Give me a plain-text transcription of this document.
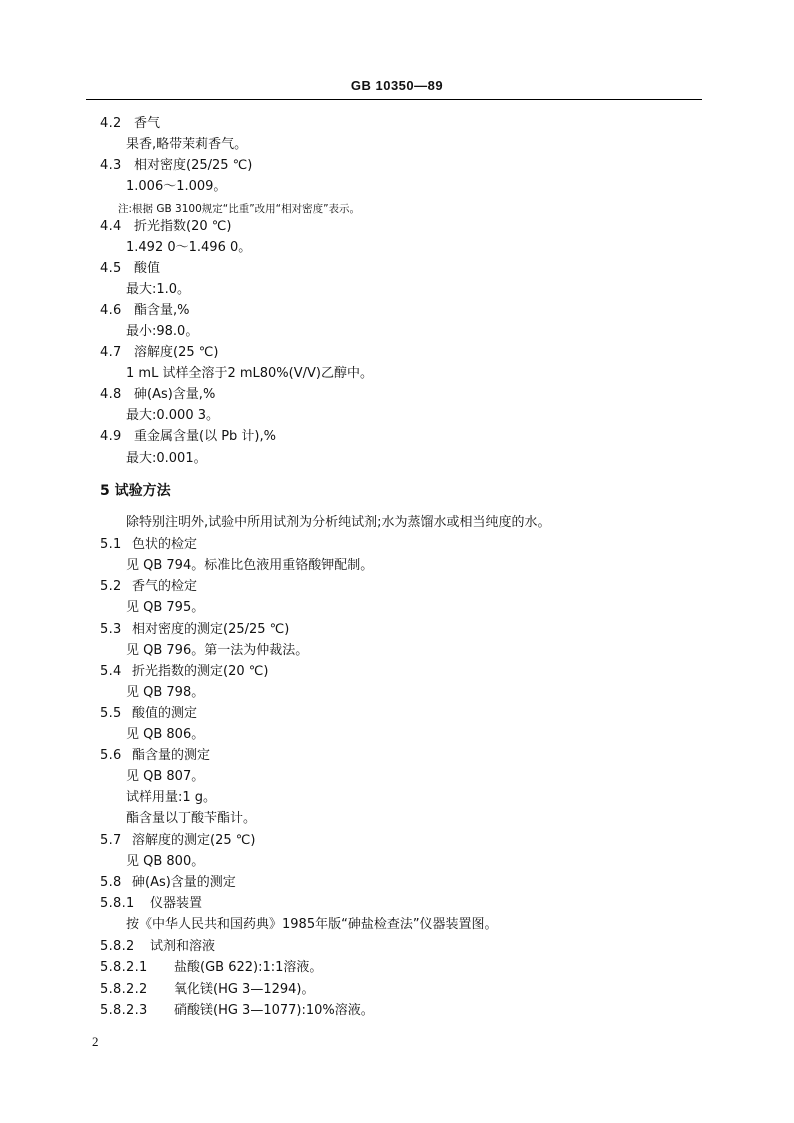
GB 10350—89
4.2 香气
果香,略带茉莉香气。
4.3 相对密度(25/25 ℃)
1.006～1.009。
注:根据 GB 3100规定“比重”改用“相对密度”表示。
4.4 折光指数(20 ℃)
1.492 0～1.496 0。
4.5 酸值
最大:1.0。
4.6 酯含量,%
最小:98.0。
4.7 溶解度(25 ℃)
1 mL 试样全溶于2 mL80%(V/V)乙醇中。
4.8 砷(As)含量,%
最大:0.000 3。
4.9 重金属含量(以 Pb 计),%
最大:0.001。
5 试验方法
除特别注明外,试验中所用试剂为分析纯试剂;水为蒸馏水或相当纯度的水。
5.1 色状的检定
见 QB 794。标准比色液用重铬酸钾配制。
5.2 香气的检定
见 QB 795。
5.3 相对密度的测定(25/25 ℃)
见 QB 796。第一法为仲裁法。
5.4 折光指数的测定(20 ℃)
见 QB 798。
5.5 酸值的测定
见 QB 806。
5.6 酯含量的测定
见 QB 807。
试样用量:1 g。
酯含量以丁酸苄酯计。
5.7 溶解度的测定(25 ℃)
见 QB 800。
5.8 砷(As)含量的测定
5.8.1 仪器装置
按《中华人民共和国药典》1985年版“砷盐检查法”仪器装置图。
5.8.2 试剂和溶液
5.8.2.1 盐酸(GB 622):1:1溶液。
5.8.2.2 氧化镁(HG 3—1294)。
5.8.2.3 硝酸镁(HG 3—1077):10%溶液。
2
